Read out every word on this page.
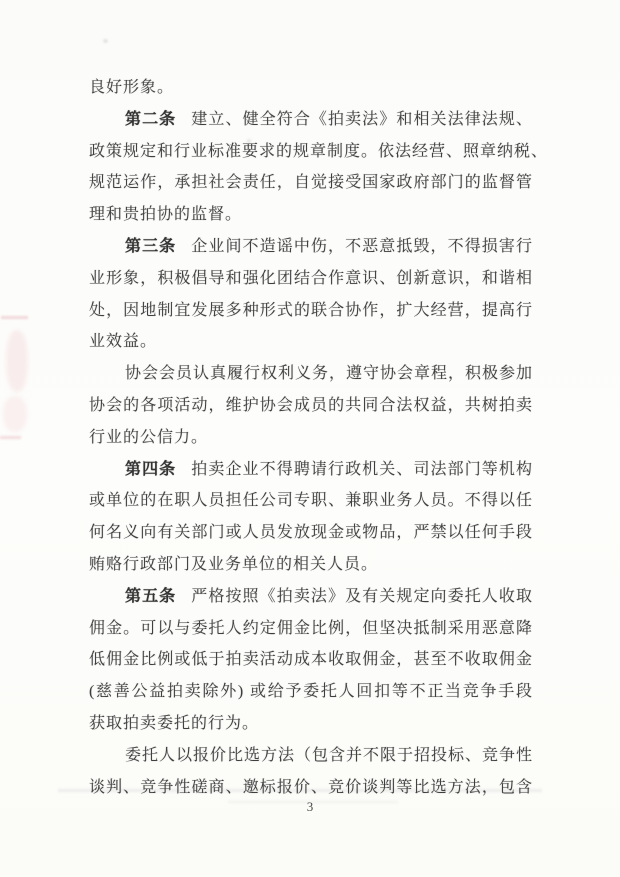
良好形象。
第二条 建立、健全符合《拍卖法》和相关法律法规、
政策规定和行业标准要求的规章制度。依法经营、照章纳税、
规范运作，承担社会责任，自觉接受国家政府部门的监督管
理和贵拍协的监督。
第三条 企业间不造谣中伤，不恶意抵毁，不得损害行
业形象，积极倡导和强化团结合作意识、创新意识，和谐相
处，因地制宜发展多种形式的联合协作，扩大经营，提高行
业效益。
协会会员认真履行权利义务，遵守协会章程，积极参加
协会的各项活动，维护协会成员的共同合法权益，共树拍卖
行业的公信力。
第四条 拍卖企业不得聘请行政机关、司法部门等机构
或单位的在职人员担任公司专职、兼职业务人员。不得以任
何名义向有关部门或人员发放现金或物品，严禁以任何手段
贿赂行政部门及业务单位的相关人员。
第五条 严格按照《拍卖法》及有关规定向委托人收取
佣金。可以与委托人约定佣金比例，但坚决抵制采用恶意降
低佣金比例或低于拍卖活动成本收取佣金，甚至不收取佣金
(慈善公益拍卖除外) 或给予委托人回扣等不正当竞争手段
获取拍卖委托的行为。
委托人以报价比选方法（包含并不限于招投标、竞争性
谈判、竞争性磋商、邀标报价、竞价谈判等比选方法，包含
3
